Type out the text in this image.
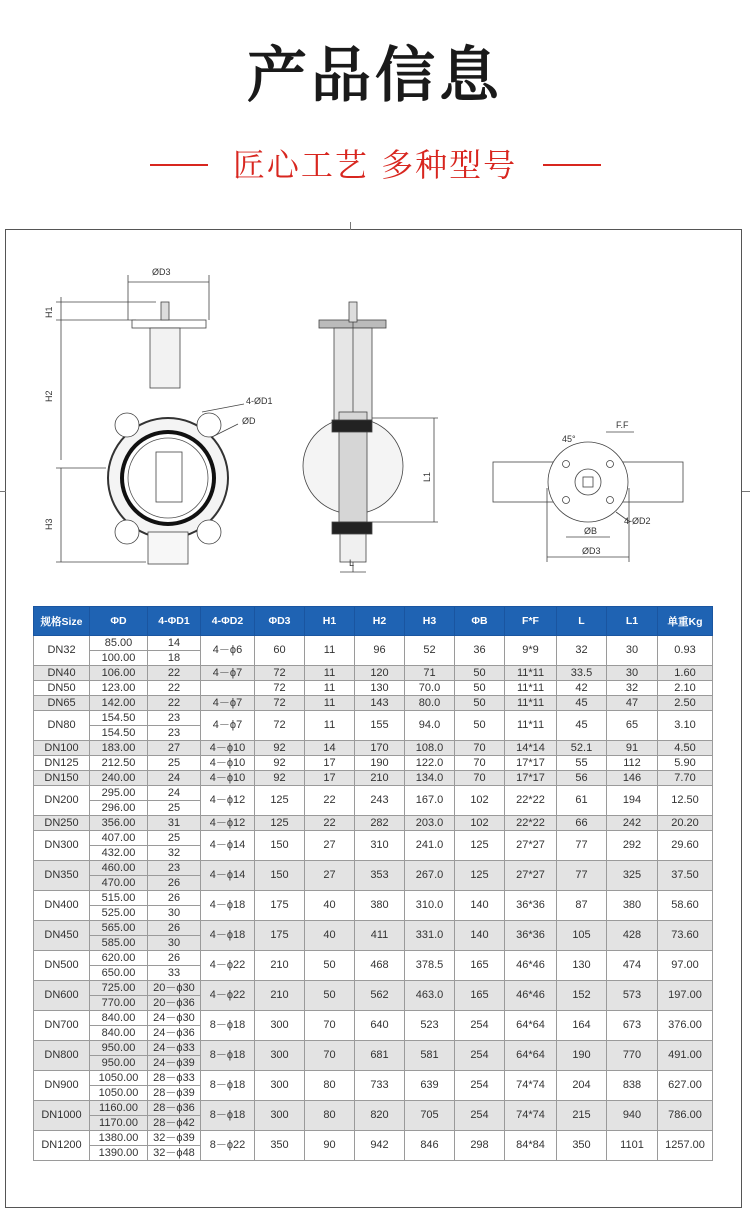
产品信息
匠心工艺 多种型号
ØD3
H1
H2
H3
4-ØD1
ØD
L1
L
F.F
45°
4-ØD2
ØB
ØD3
规格Size	ΦD	4-ΦD1	4-ΦD2	ΦD3	H1	H2	H3	ΦB	F*F	L	L1	单重Kg
DN32	85.00	14	4－ϕ6	60	11	96	52	36	9*9	32	30	0.93
	100.00	18										
DN40	106.00	22	4－ϕ7	72	11	120	71	50	11*11	33.5	30	1.60
DN50	123.00	22		72	11	130	70.0	50	11*11	42	32	2.10
DN65	142.00	22	4－ϕ7	72	11	143	80.0	50	11*11	45	47	2.50
DN80	154.50	23	4－ϕ7	72	11	155	94.0	50	11*11	45	65	3.10
	154.50	23										
DN100	183.00	27	4－ϕ10	92	14	170	108.0	70	14*14	52.1	91	4.50
DN125	212.50	25	4－ϕ10	92	17	190	122.0	70	17*17	55	112	5.90
DN150	240.00	24	4－ϕ10	92	17	210	134.0	70	17*17	56	146	7.70
DN200	295.00	24	4－ϕ12	125	22	243	167.0	102	22*22	61	194	12.50
	296.00	25										
DN250	356.00	31	4－ϕ12	125	22	282	203.0	102	22*22	66	242	20.20
DN300	407.00	25	4－ϕ14	150	27	310	241.0	125	27*27	77	292	29.60
	432.00	32										
DN350	460.00	23	4－ϕ14	150	27	353	267.0	125	27*27	77	325	37.50
	470.00	26										
DN400	515.00	26	4－ϕ18	175	40	380	310.0	140	36*36	87	380	58.60
	525.00	30										
DN450	565.00	26	4－ϕ18	175	40	411	331.0	140	36*36	105	428	73.60
	585.00	30										
DN500	620.00	26	4－ϕ22	210	50	468	378.5	165	46*46	130	474	97.00
	650.00	33										
DN600	725.00	20－ϕ30	4－ϕ22	210	50	562	463.0	165	46*46	152	573	197.00
	770.00	20－ϕ36										
DN700	840.00	24－ϕ30	8－ϕ18	300	70	640	523	254	64*64	164	673	376.00
	840.00	24－ϕ36										
DN800	950.00	24－ϕ33	8－ϕ18	300	70	681	581	254	64*64	190	770	491.00
	950.00	24－ϕ39										
DN900	1050.00	28－ϕ33	8－ϕ18	300	80	733	639	254	74*74	204	838	627.00
	1050.00	28－ϕ39										
DN1000	1160.00	28－ϕ36	8－ϕ18	300	80	820	705	254	74*74	215	940	786.00
	1170.00	28－ϕ42										
DN1200	1380.00	32－ϕ39	8－ϕ22	350	90	942	846	298	84*84	350	1101	1257.00
	1390.00	32－ϕ48										
